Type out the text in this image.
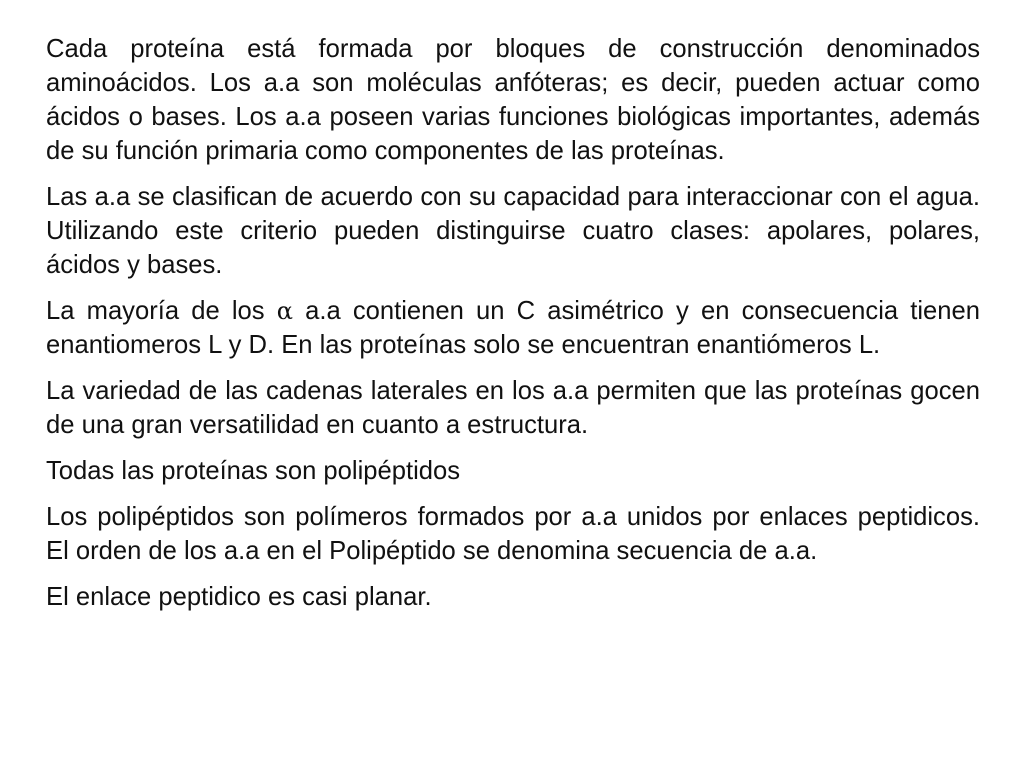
Cada proteína está formada por bloques de construcción denominados aminoácidos. Los a.a son moléculas anfóteras; es decir, pueden actuar como ácidos o bases. Los a.a poseen varias funciones biológicas importantes, además de su función primaria como componentes de las proteínas.

Las a.a se clasifican de acuerdo con su capacidad para interaccionar con el agua. Utilizando este criterio pueden distinguirse cuatro clases: apolares, polares, ácidos y bases.

La mayoría de los α a.a contienen un C asimétrico y en consecuencia tienen enantiomeros L y D. En las proteínas solo se encuentran enantiómeros L.

La variedad de las cadenas laterales en los a.a permiten que las proteínas gocen de una gran versatilidad en cuanto a estructura.

Todas las proteínas son polipéptidos

Los polipéptidos son polímeros formados por a.a unidos por enlaces peptidicos. El orden de los a.a en el Polipéptido se denomina secuencia de a.a.

El enlace peptidico es casi planar.
